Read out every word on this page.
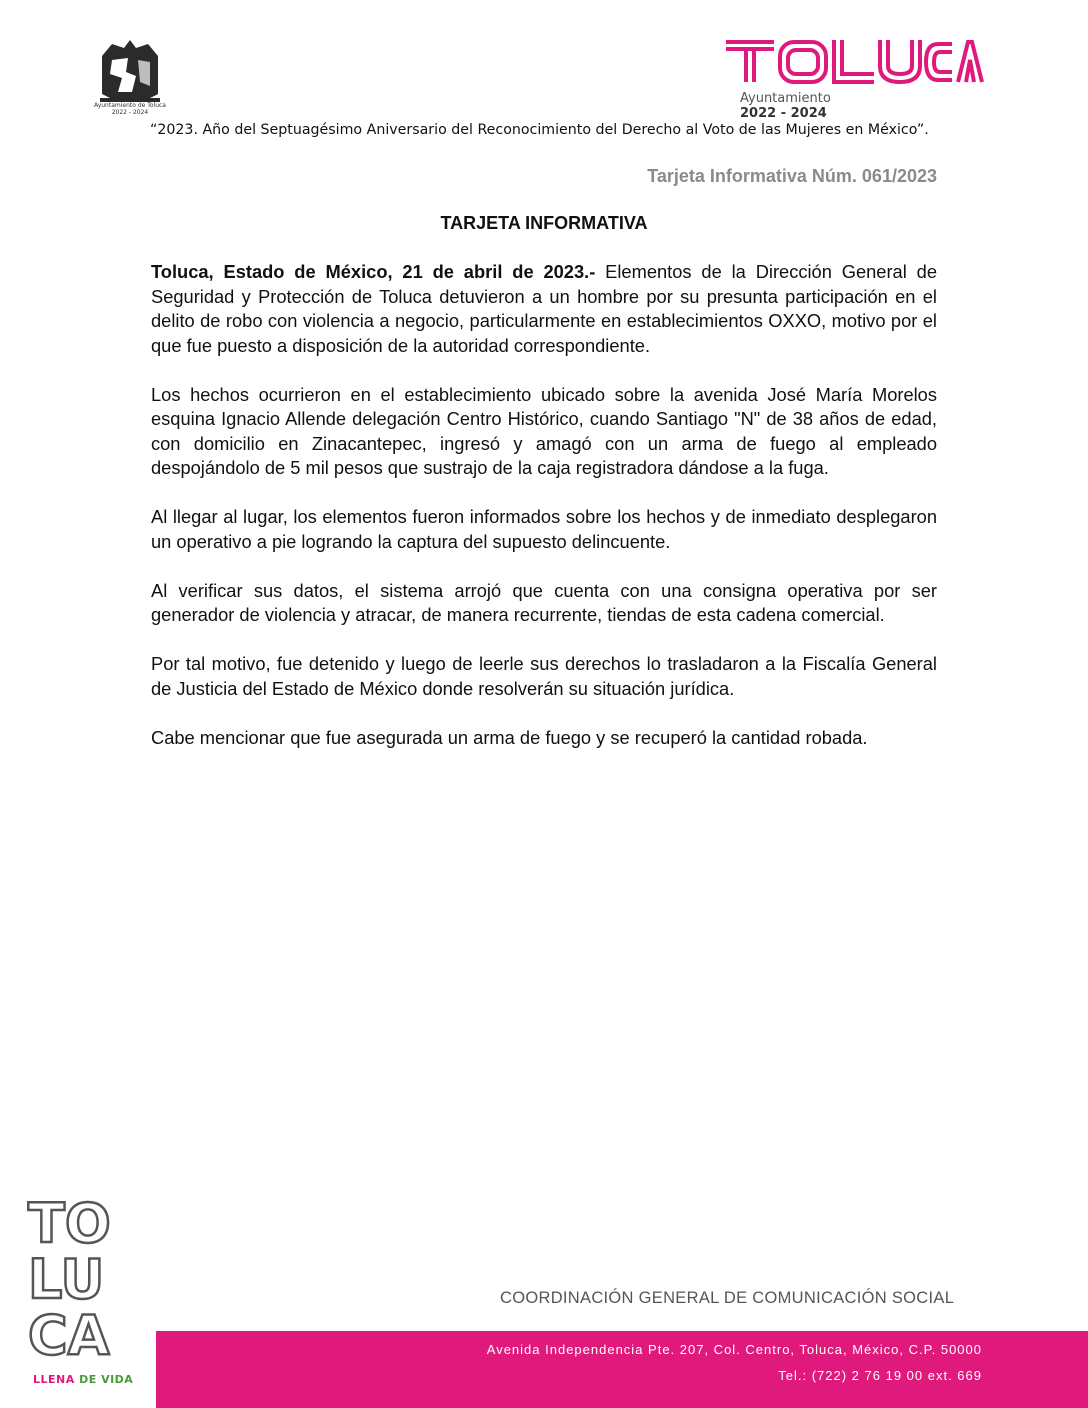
Ayuntamiento de Toluca
2022 - 2024
Ayuntamiento
2022 - 2024
“2023. Año del Septuagésimo Aniversario del Reconocimiento del Derecho al Voto de las Mujeres en México”.
Tarjeta Informativa Núm. 061/2023
TARJETA INFORMATIVA

Toluca, Estado de México, 21 de abril de 2023.- Elementos de la Dirección General de Seguridad y Protección de Toluca detuvieron a un hombre por su presunta participación en el delito de robo con violencia a negocio, particularmente en establecimientos OXXO, motivo por el que fue puesto a disposición de la autoridad correspondiente.

Los hechos ocurrieron en el establecimiento ubicado sobre la avenida José María Morelos esquina Ignacio Allende delegación Centro Histórico, cuando Santiago "N" de 38 años de edad, con domicilio en Zinacantepec, ingresó y amagó con un arma de fuego al empleado despojándolo de 5 mil pesos que sustrajo de la caja registradora dándose a la fuga.

Al llegar al lugar, los elementos fueron informados sobre los hechos y de inmediato desplegaron un operativo a pie logrando la captura del supuesto delincuente.

Al verificar sus datos, el sistema arrojó que cuenta con una consigna operativa por ser generador de violencia y atracar, de manera recurrente, tiendas de esta cadena comercial.

Por tal motivo, fue detenido y luego de leerle sus derechos lo trasladaron a la Fiscalía General de Justicia del Estado de México donde resolverán su situación jurídica.

Cabe mencionar que fue asegurada un arma de fuego y se recuperó la cantidad robada.

TO
LU
CA
LLENA DE VIDA
COORDINACIÓN GENERAL DE COMUNICACIÓN SOCIAL
Avenida Independencia Pte. 207, Col. Centro, Toluca, México, C.P. 50000
Tel.: (722) 2 76 19 00 ext. 669
